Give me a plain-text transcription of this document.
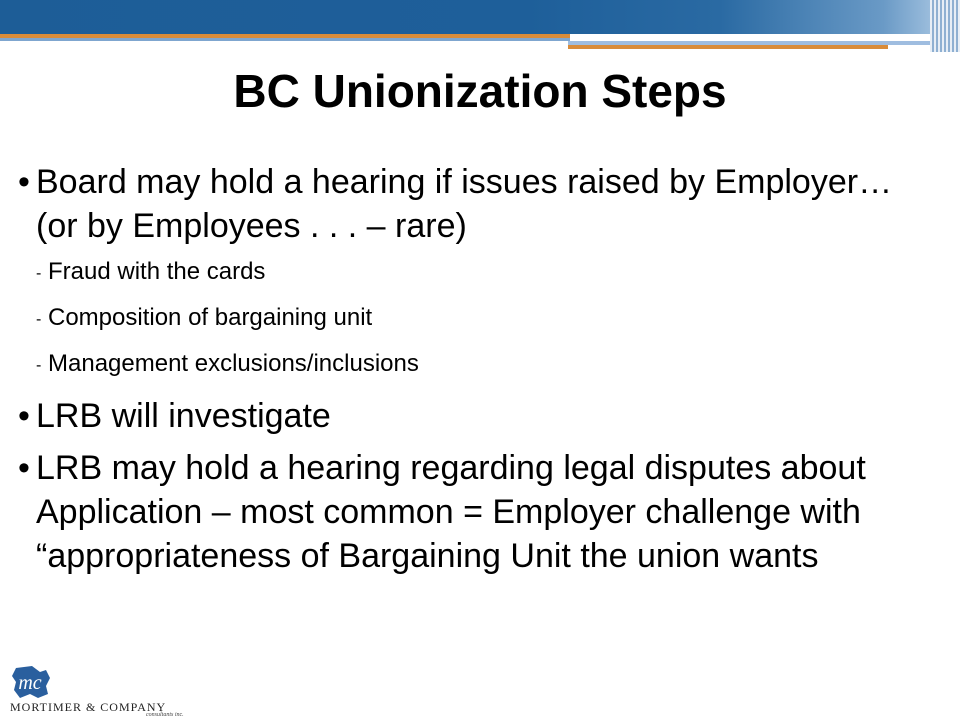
BC Unionization Steps
• Board may hold a hearing if issues raised by Employer… (or by Employees . . . – rare)
- Fraud with the cards
- Composition of bargaining unit
- Management exclusions/inclusions
• LRB will investigate
• LRB may hold a hearing regarding legal disputes about Application – most common = Employer challenge with “appropriateness of Bargaining Unit the union wants
mc
MORTIMER & COMPANY
consultants inc.
